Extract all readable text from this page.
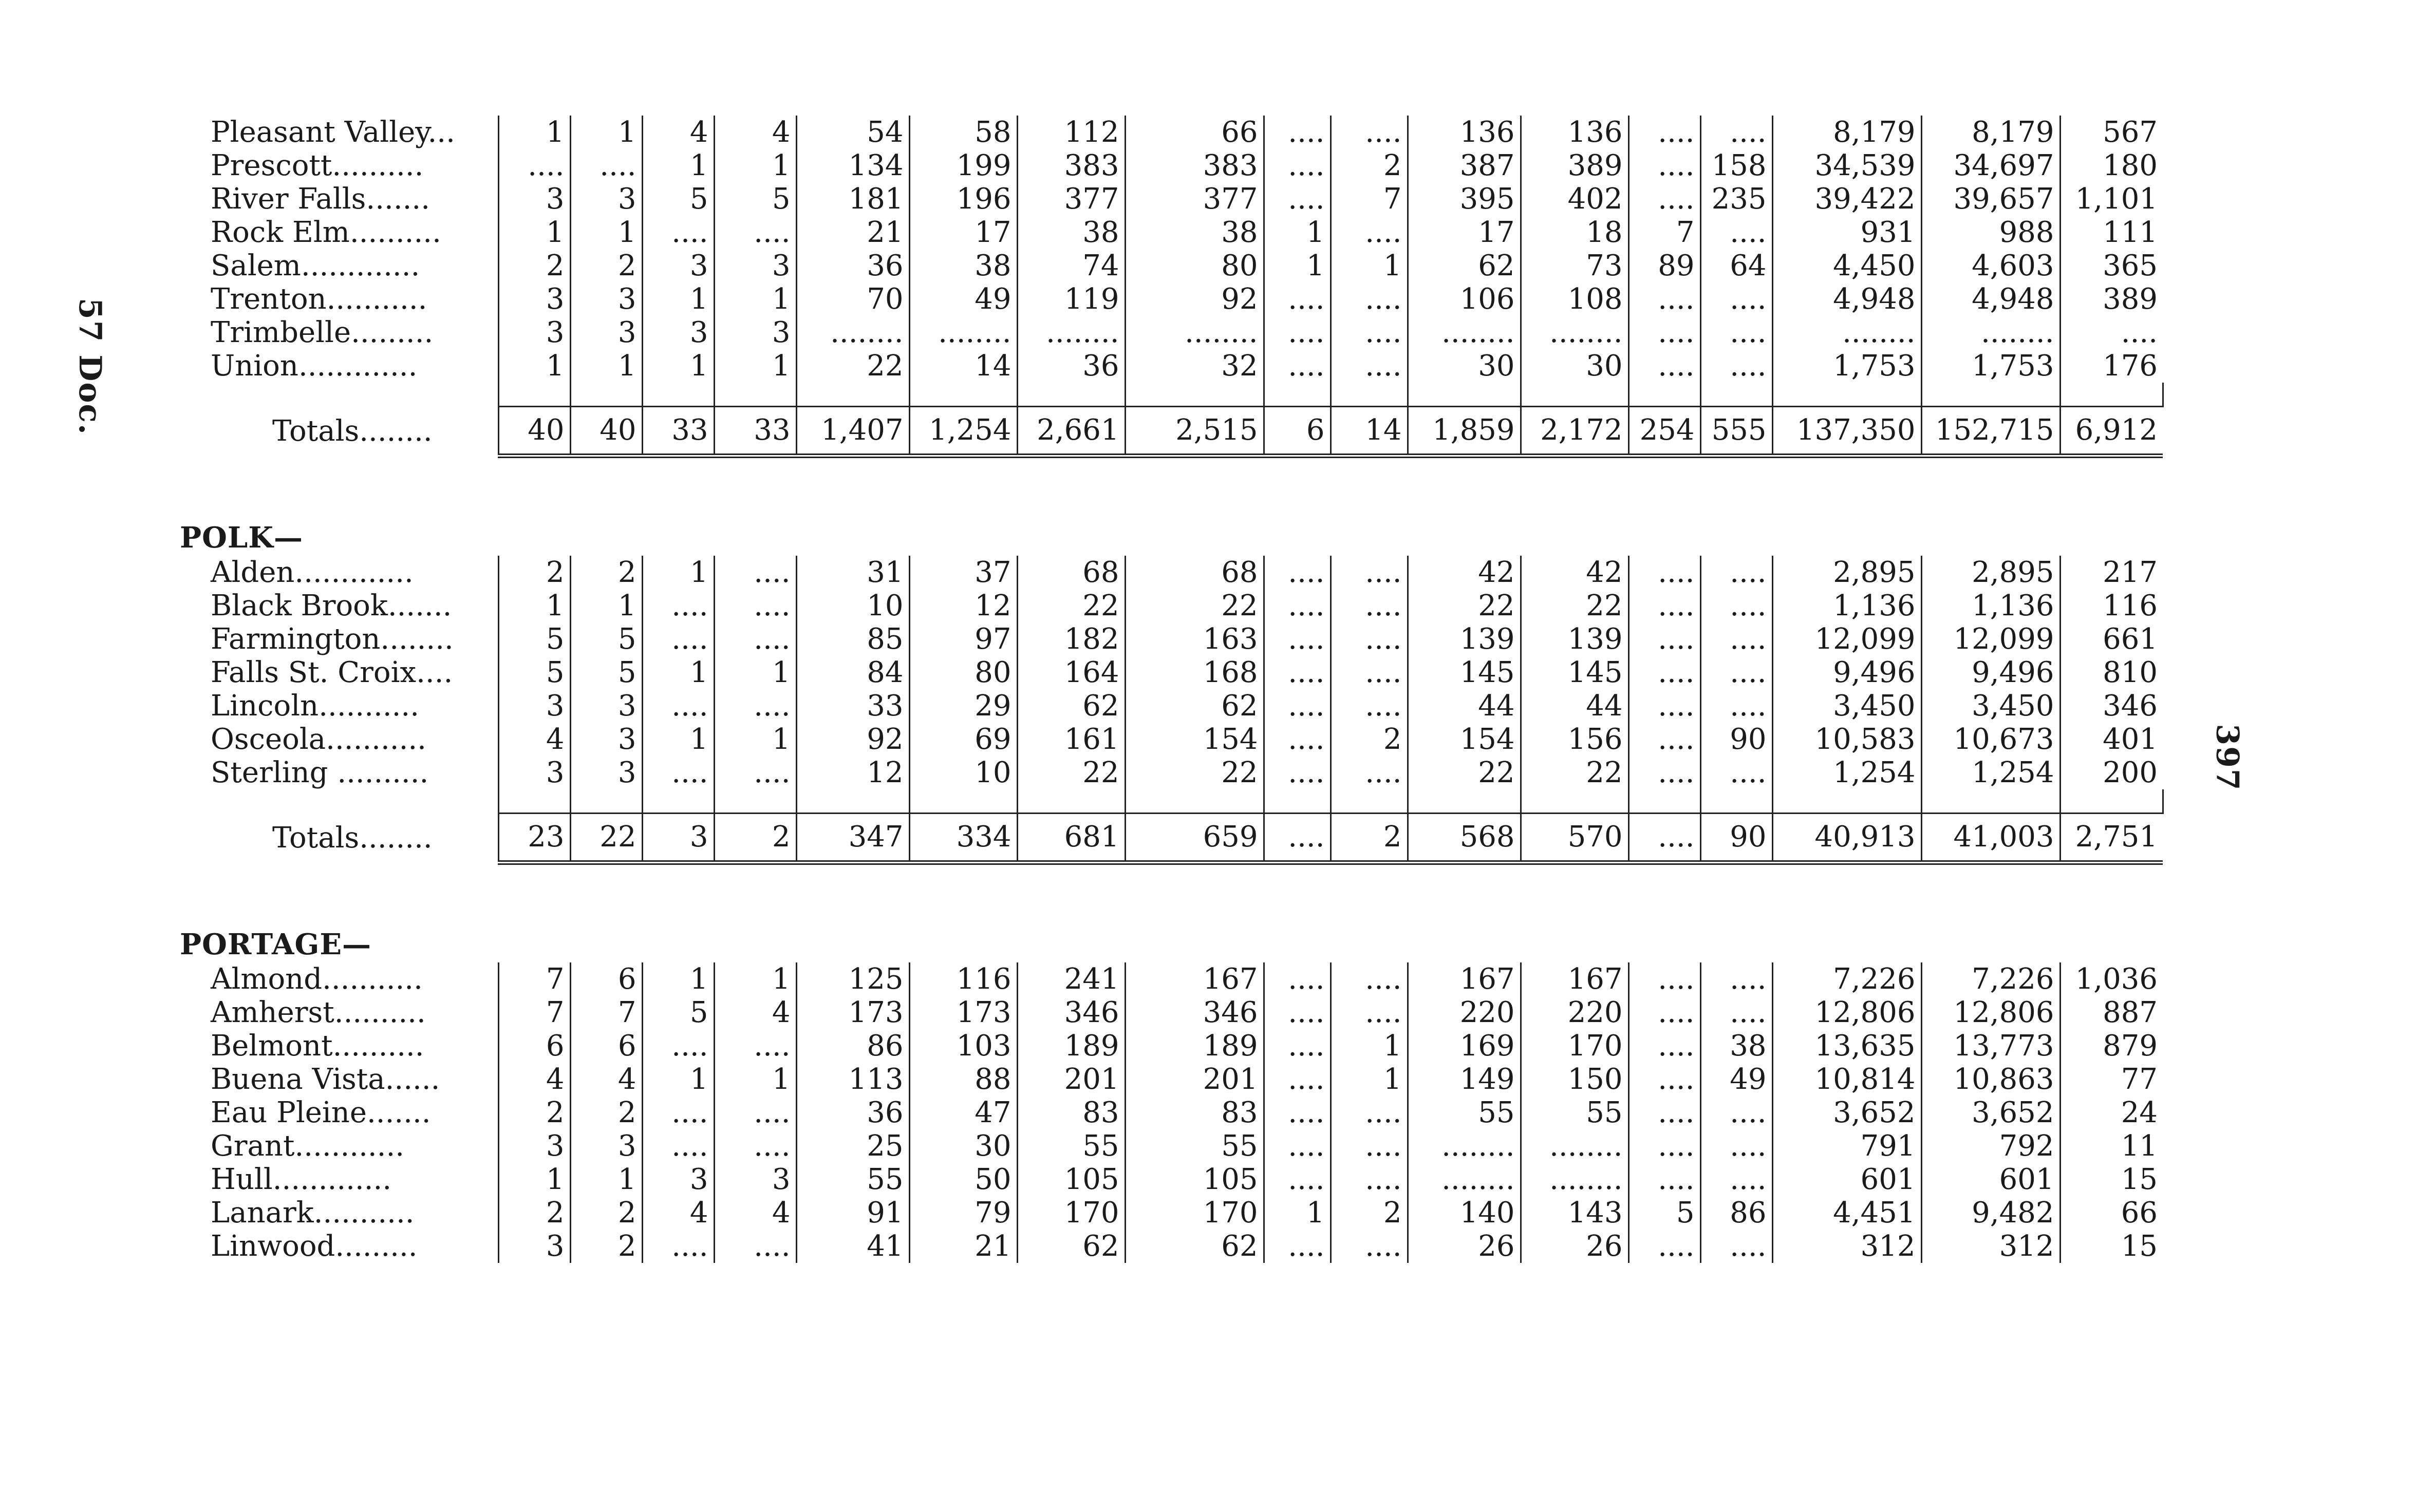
57 Doc.
397
Pleasant Valley...	1	1	4	4	54	58	112	66	....	....	136	136	....	....	8,179	8,179	567
Prescott..........	....	....	1	1	134	199	383	383	....	2	387	389	....	158	34,539	34,697	180
River Falls.......	3	3	5	5	181	196	377	377	....	7	395	402	....	235	39,422	39,657	1,101
Rock Elm..........	1	1	....	....	21	17	38	38	1	....	17	18	7	....	931	988	111
Salem.............	2	2	3	3	36	38	74	80	1	1	62	73	89	64	4,450	4,603	365
Trenton...........	3	3	1	1	70	49	119	92	....	....	106	108	....	....	4,948	4,948	389
Trimbelle.........	3	3	3	3	........	........	........	........	....	....	........	........	....	....	........	........	....
Union.............	1	1	1	1	22	14	36	32	....	....	30	30	....	....	1,753	1,753	176

Totals........	40	40	33	33	1,407	1,254	2,661	2,515	6	14	1,859	2,172	254	555	137,350	152,715	6,912

POLK—																	
Alden.............	2	2	1	....	31	37	68	68	....	....	42	42	....	....	2,895	2,895	217
Black Brook.......	1	1	....	....	10	12	22	22	....	....	22	22	....	....	1,136	1,136	116
Farmington........	5	5	....	....	85	97	182	163	....	....	139	139	....	....	12,099	12,099	661
Falls St. Croix....	5	5	1	1	84	80	164	168	....	....	145	145	....	....	9,496	9,496	810
Lincoln...........	3	3	....	....	33	29	62	62	....	....	44	44	....	....	3,450	3,450	346
Osceola...........	4	3	1	1	92	69	161	154	....	2	154	156	....	90	10,583	10,673	401
Sterling ..........	3	3	....	....	12	10	22	22	....	....	22	22	....	....	1,254	1,254	200

Totals........	23	22	3	2	347	334	681	659	....	2	568	570	....	90	40,913	41,003	2,751

PORTAGE—																	
Almond...........	7	6	1	1	125	116	241	167	....	....	167	167	....	....	7,226	7,226	1,036
Amherst..........	7	7	5	4	173	173	346	346	....	....	220	220	....	....	12,806	12,806	887
Belmont..........	6	6	....	....	86	103	189	189	....	1	169	170	....	38	13,635	13,773	879
Buena Vista......	4	4	1	1	113	88	201	201	....	1	149	150	....	49	10,814	10,863	77
Eau Pleine.......	2	2	....	....	36	47	83	83	....	....	55	55	....	....	3,652	3,652	24
Grant............	3	3	....	....	25	30	55	55	....	....	........	........	....	....	791	792	11
Hull.............	1	1	3	3	55	50	105	105	....	....	........	........	....	....	601	601	15
Lanark...........	2	2	4	4	91	79	170	170	1	2	140	143	5	86	4,451	9,482	66
Linwood.........	3	2	....	....	41	21	62	62	....	....	26	26	....	....	312	312	15
